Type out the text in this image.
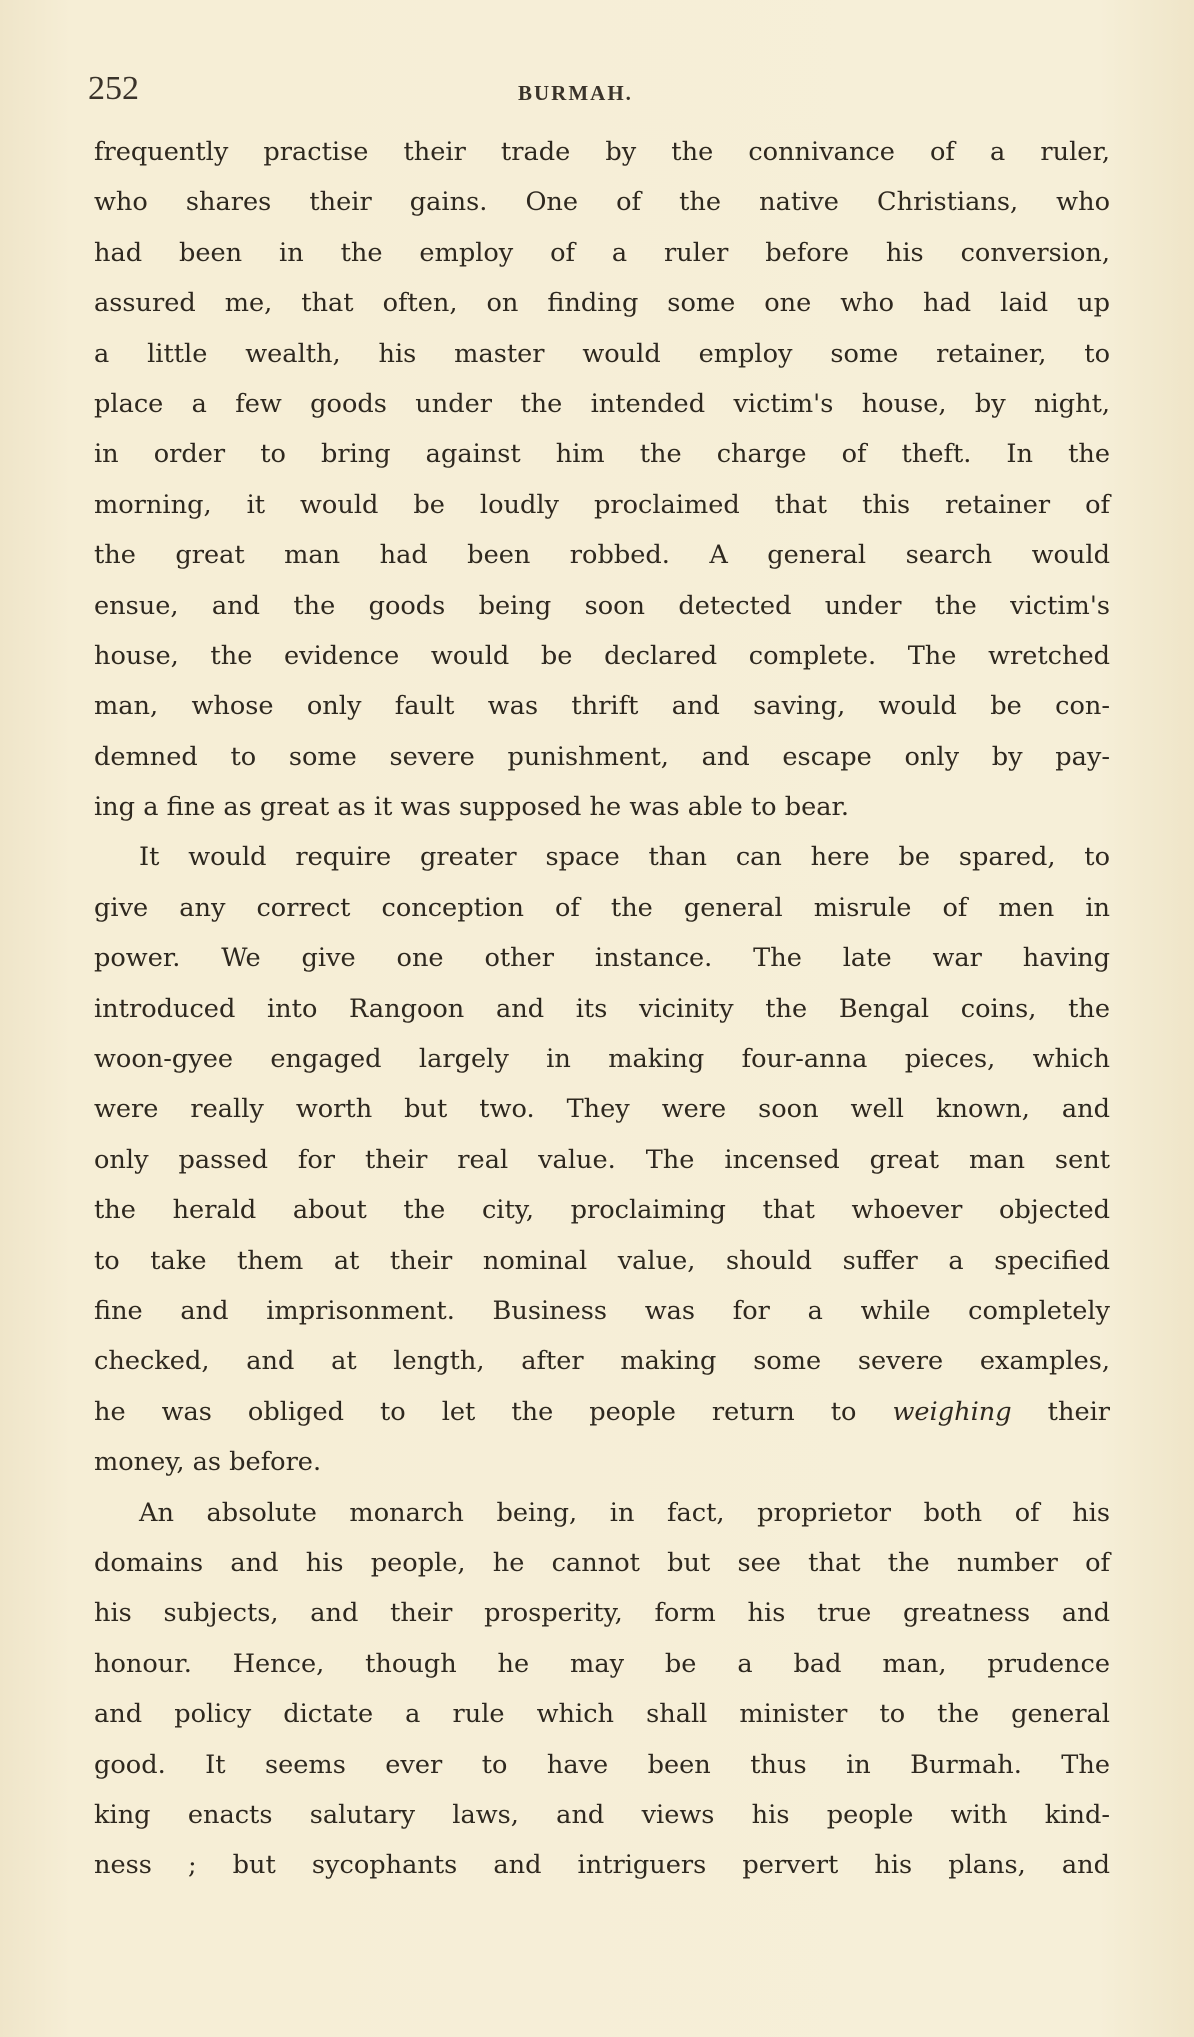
252	BURMAH.
frequently practise their trade by the connivance of a ruler,
who shares their gains. One of the native Christians, who
had been in the employ of a ruler before his conversion,
assured me, that often, on finding some one who had laid up
a little wealth, his master would employ some retainer, to
place a few goods under the intended victim's house, by night,
in order to bring against him the charge of theft. In the
morning, it would be loudly proclaimed that this retainer of
the great man had been robbed. A general search would
ensue, and the goods being soon detected under the victim's
house, the evidence would be declared complete. The wretched
man, whose only fault was thrift and saving, would be con-
demned to some severe punishment, and escape only by pay-
ing a fine as great as it was supposed he was able to bear.
It would require greater space than can here be spared, to
give any correct conception of the general misrule of men in
power. We give one other instance. The late war having
introduced into Rangoon and its vicinity the Bengal coins, the
woon-gyee engaged largely in making four-anna pieces, which
were really worth but two. They were soon well known, and
only passed for their real value. The incensed great man sent
the herald about the city, proclaiming that whoever objected
to take them at their nominal value, should suffer a specified
fine and imprisonment. Business was for a while completely
checked, and at length, after making some severe examples,
he was obliged to let the people return to weighing their
money, as before.
An absolute monarch being, in fact, proprietor both of his
domains and his people, he cannot but see that the number of
his subjects, and their prosperity, form his true greatness and
honour. Hence, though he may be a bad man, prudence
and policy dictate a rule which shall minister to the general
good. It seems ever to have been thus in Burmah. The
king enacts salutary laws, and views his people with kind-
ness ; but sycophants and intriguers pervert his plans, and
